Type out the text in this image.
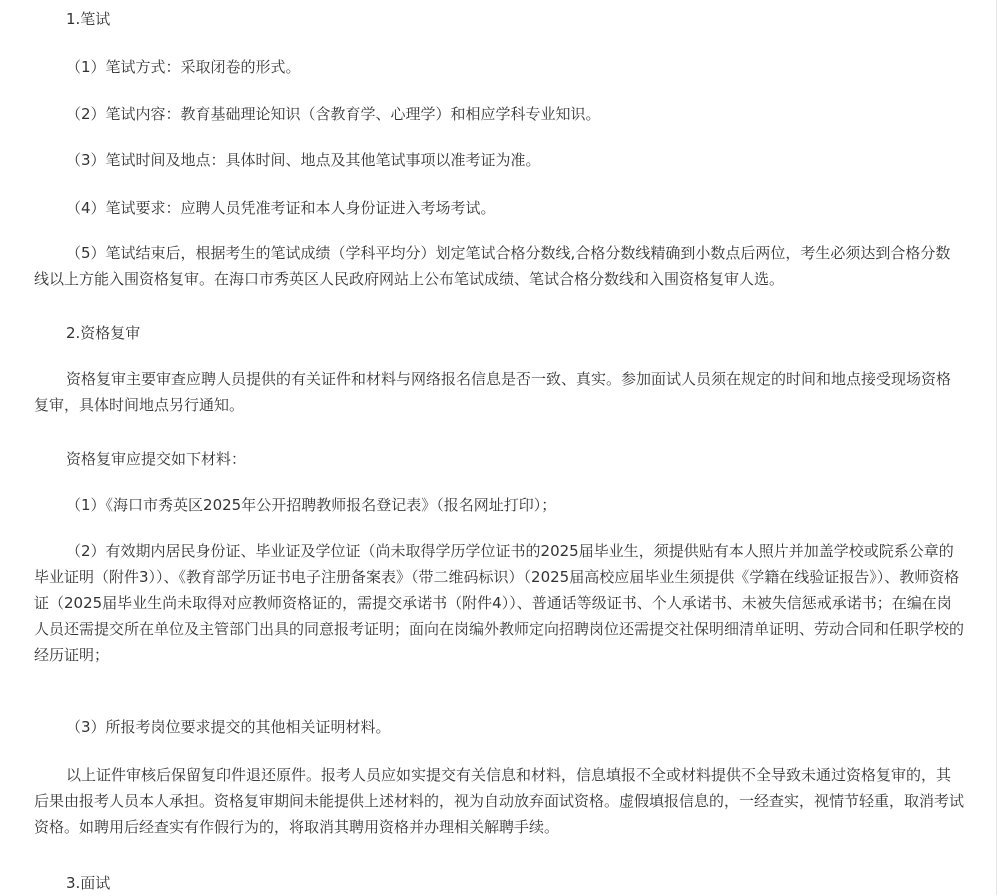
1.笔试

（1）笔试方式：采取闭卷的形式。

（2）笔试内容：教育基础理论知识（含教育学、心理学）和相应学科专业知识。

（3）笔试时间及地点：具体时间、地点及其他笔试事项以准考证为准。

（4）笔试要求：应聘人员凭准考证和本人身份证进入考场考试。

（5）笔试结束后，根据考生的笔试成绩（学科平均分）划定笔试合格分数线,合格分数线精确到小数点后两位，考生必须达到合格分数线以上方能入围资格复审。在海口市秀英区人民政府网站上公布笔试成绩、笔试合格分数线和入围资格复审人选。

2.资格复审

资格复审主要审查应聘人员提供的有关证件和材料与网络报名信息是否一致、真实。参加面试人员须在规定的时间和地点接受现场资格复审，具体时间地点另行通知。

资格复审应提交如下材料：

（1）《海口市秀英区2025年公开招聘教师报名登记表》（报名网址打印）；

（2）有效期内居民身份证、毕业证及学位证（尚未取得学历学位证书的2025届毕业生，须提供贴有本人照片并加盖学校或院系公章的毕业证明（附件3））、《教育部学历证书电子注册备案表》（带二维码标识）（2025届高校应届毕业生须提供《学籍在线验证报告》）、教师资格证（2025届毕业生尚未取得对应教师资格证的，需提交承诺书（附件4））、普通话等级证书、个人承诺书、未被失信惩戒承诺书；在编在岗人员还需提交所在单位及主管部门出具的同意报考证明；面向在岗编外教师定向招聘岗位还需提交社保明细清单证明、劳动合同和任职学校的经历证明；

（3）所报考岗位要求提交的其他相关证明材料。

以上证件审核后保留复印件退还原件。报考人员应如实提交有关信息和材料，信息填报不全或材料提供不全导致未通过资格复审的，其后果由报考人员本人承担。资格复审期间未能提供上述材料的，视为自动放弃面试资格。虚假填报信息的，一经查实，视情节轻重，取消考试资格。如聘用后经查实有作假行为的，将取消其聘用资格并办理相关解聘手续。

3.面试
